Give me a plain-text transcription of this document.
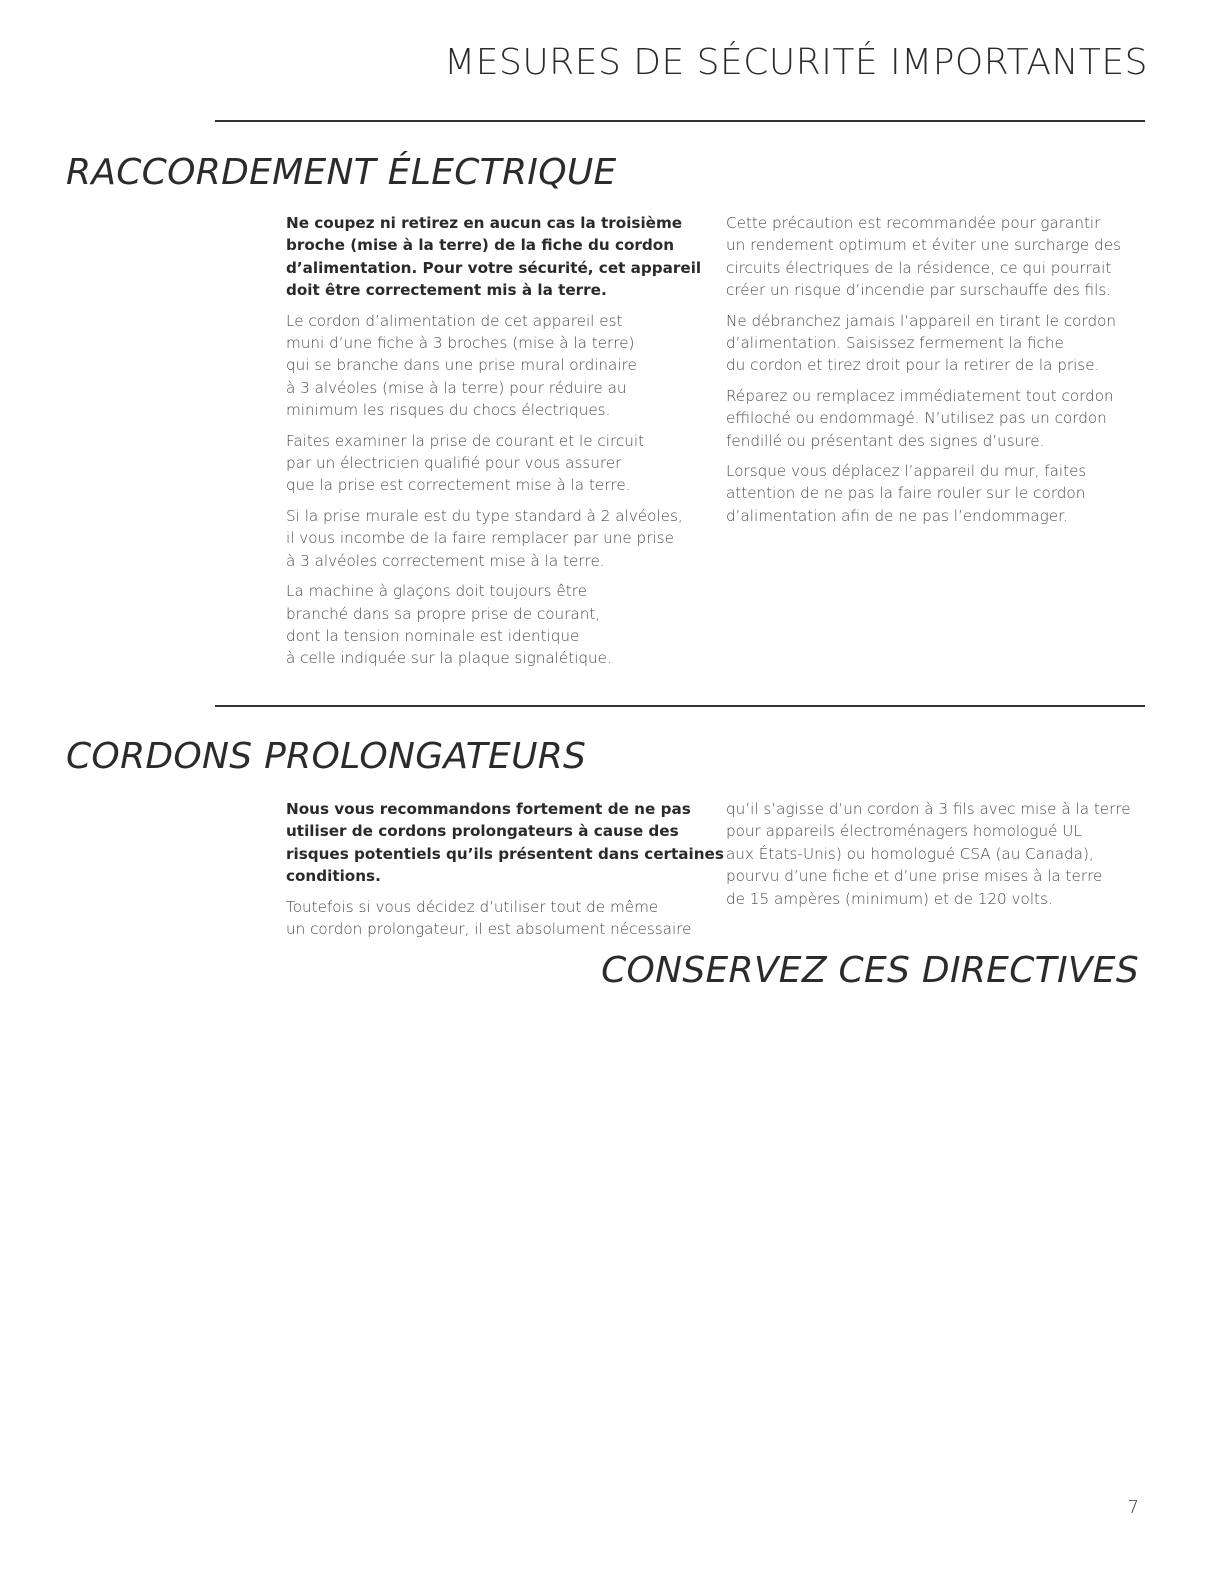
MESURES DE SÉCURITÉ IMPORTANTES
RACCORDEMENT ÉLECTRIQUE

Ne coupez ni retirez en aucun cas la troisième
broche (mise à la terre) de la fiche du cordon
d’alimentation. Pour votre sécurité, cet appareil
doit être correctement mis à la terre.

Le cordon d’alimentation de cet appareil est
muni d’une fiche à 3 broches (mise à la terre)
qui se branche dans une prise mural ordinaire
à 3 alvéoles (mise à la terre) pour réduire au
minimum les risques du chocs électriques.

Faites examiner la prise de courant et le circuit
par un électricien qualifié pour vous assurer
que la prise est correctement mise à la terre.

Si la prise murale est du type standard à 2 alvéoles,
il vous incombe de la faire remplacer par une prise
à 3 alvéoles correctement mise à la terre.

La machine à glaçons doit toujours être
branché dans sa propre prise de courant,
dont la tension nominale est identique
à celle indiquée sur la plaque signalétique.

Cette précaution est recommandée pour garantir
un rendement optimum et éviter une surcharge des
circuits électriques de la résidence, ce qui pourrait
créer un risque d’incendie par surschauffe des fils.

Ne débranchez jamais l’appareil en tirant le cordon
d’alimentation. Saisissez fermement la fiche
du cordon et tirez droit pour la retirer de la prise.

Réparez ou remplacez immédiatement tout cordon
effiloché ou endommagé. N’utilisez pas un cordon
fendillé ou présentant des signes d’usure.

Lorsque vous déplacez l’appareil du mur, faites
attention de ne pas la faire rouler sur le cordon
d’alimentation afin de ne pas l’endommager.

CORDONS PROLONGATEURS

Nous vous recommandons fortement de ne pas
utiliser de cordons prolongateurs à cause des
risques potentiels qu’ils présentent dans certaines
conditions.

Toutefois si vous décidez d’utiliser tout de même
un cordon prolongateur, il est absolument nécessaire

qu’il s’agisse d’un cordon à 3 fils avec mise à la terre
pour appareils électroménagers homologué UL
aux États-Unis) ou homologué CSA (au Canada),
pourvu d’une fiche et d’une prise mises à la terre
de 15 ampères (minimum) et de 120 volts.

CONSERVEZ CES DIRECTIVES
7
